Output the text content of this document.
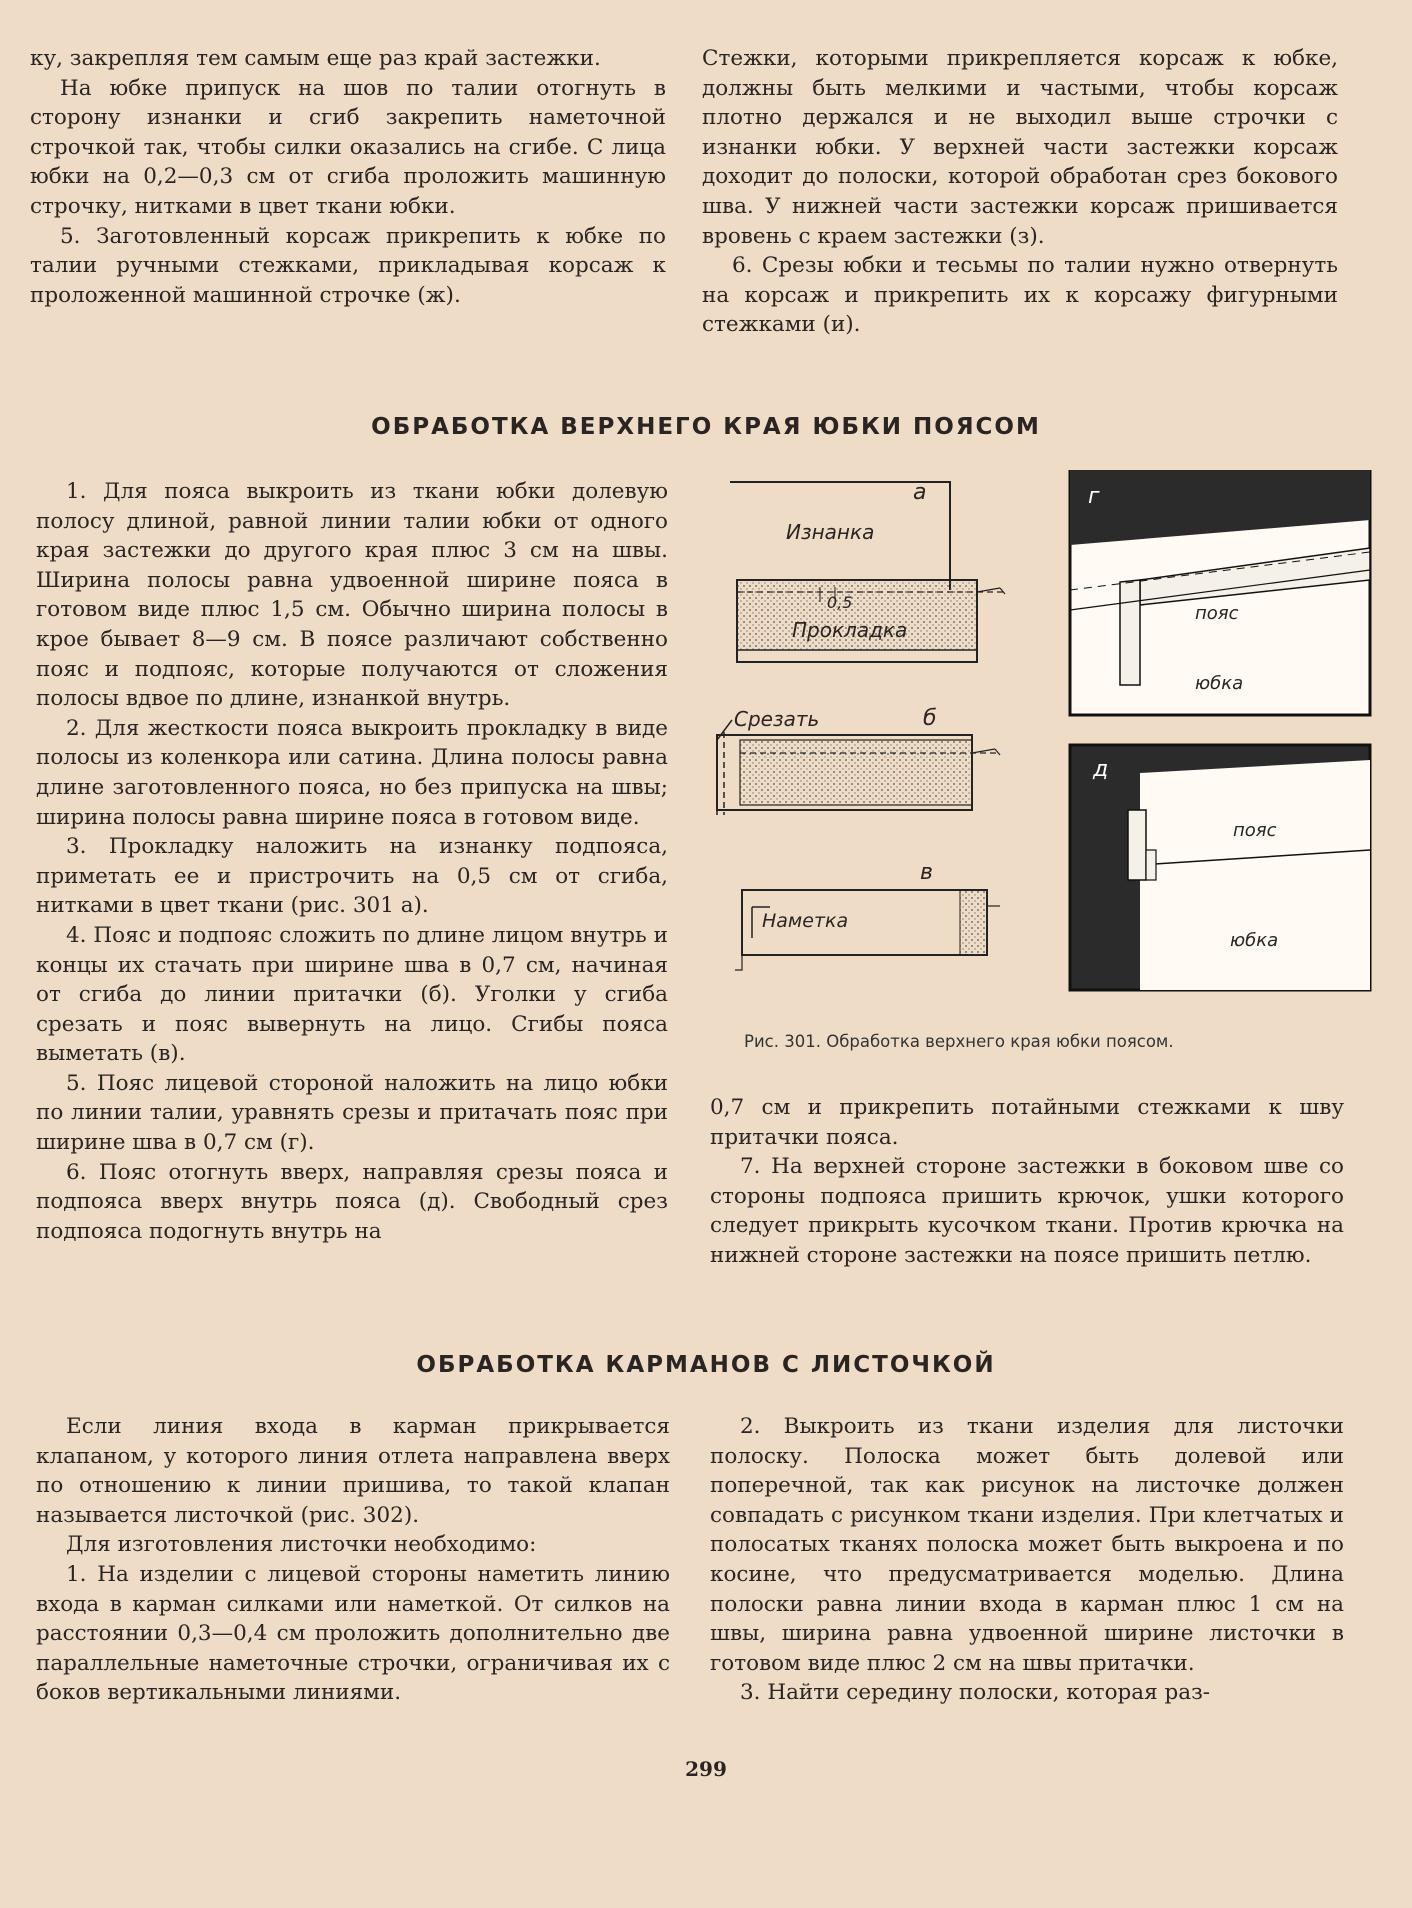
ку, закрепляя тем самым еще раз край застежки.

На юбке припуск на шов по талии отогнуть в сторону изнанки и сгиб закрепить наметочной строчкой так, чтобы силки оказались на сгибе. С лица юбки на 0,2—0,3 см от сгиба проложить машинную строчку, нитками в цвет ткани юбки.

5. Заготовленный корсаж прикрепить к юбке по талии ручными стежками, прикладывая корсаж к проложенной машинной строчке (ж).

Стежки, которыми прикрепляется корсаж к юбке, должны быть мелкими и частыми, чтобы корсаж плотно держался и не выходил выше строчки с изнанки юбки. У верхней части застежки корсаж доходит до полоски, которой обработан срез бокового шва. У нижней части застежки корсаж пришивается вровень с краем застежки (з).

6. Срезы юбки и тесьмы по талии нужно отвернуть на корсаж и прикрепить их к корсажу фигурными стежками (и).

ОБРАБОТКА ВЕРХНЕГО КРАЯ ЮБКИ ПОЯСОМ

1. Для пояса выкроить из ткани юбки долевую полосу длиной, равной линии талии юбки от одного края застежки до другого края плюс 3 см на швы. Ширина полосы равна удвоенной ширине пояса в готовом виде плюс 1,5 см. Обычно ширина полосы в крое бывает 8—9 см. В поясе различают собственно пояс и подпояс, которые получаются от сложения полосы вдвое по длине, изнанкой внутрь.

2. Для жесткости пояса выкроить прокладку в виде полосы из коленкора или сатина. Длина полосы равна длине заготовленного пояса, но без припуска на швы; ширина полосы равна ширине пояса в готовом виде.

3. Прокладку наложить на изнанку подпояса, приметать ее и пристрочить на 0,5 см от сгиба, нитками в цвет ткани (рис. 301 а).

4. Пояс и подпояс сложить по длине лицом внутрь и концы их стачать при ширине шва в 0,7 см, начиная от сгиба до линии притачки (б). Уголки у сгиба срезать и пояс вывернуть на лицо. Сгибы пояса выметать (в).

5. Пояс лицевой стороной наложить на лицо юбки по линии талии, уравнять срезы и притачать пояс при ширине шва в 0,7 см (г).

6. Пояс отогнуть вверх, направляя срезы пояса и подпояса вверх внутрь пояса (д). Свободный срез подпояса подогнуть внутрь на

а
Изнанка
0,5
Прокладка
б
Срезать
в
Наметка
г
пояс
юбка
д
пояс
юбка
Рис. 301. Обработка верхнего края юбки поясом.

0,7 см и прикрепить потайными стежками к шву притачки пояса.

7. На верхней стороне застежки в боковом шве со стороны подпояса пришить крючок, ушки которого следует прикрыть кусочком ткани. Против крючка на нижней стороне застежки на поясе пришить петлю.

ОБРАБОТКА КАРМАНОВ С ЛИСТОЧКОЙ

Если линия входа в карман прикрывается клапаном, у которого линия отлета направлена вверх по отношению к линии пришива, то такой клапан называется листочкой (рис. 302).

Для изготовления листочки необходимо:

1. На изделии с лицевой стороны наметить линию входа в карман силками или наметкой. От силков на расстоянии 0,3—0,4 см проложить дополнительно две параллельные наметочные строчки, ограничивая их с боков вертикальными линиями.

2. Выкроить из ткани изделия для листочки полоску. Полоска может быть долевой или поперечной, так как рисунок на листочке должен совпадать с рисунком ткани изделия. При клетчатых и полосатых тканях полоска может быть выкроена и по косине, что предусматривается моделью. Длина полоски равна линии входа в карман плюс 1 см на швы, ширина равна удвоенной ширине листочки в готовом виде плюс 2 см на швы притачки.

3. Найти середину полоски, которая раз-

299
